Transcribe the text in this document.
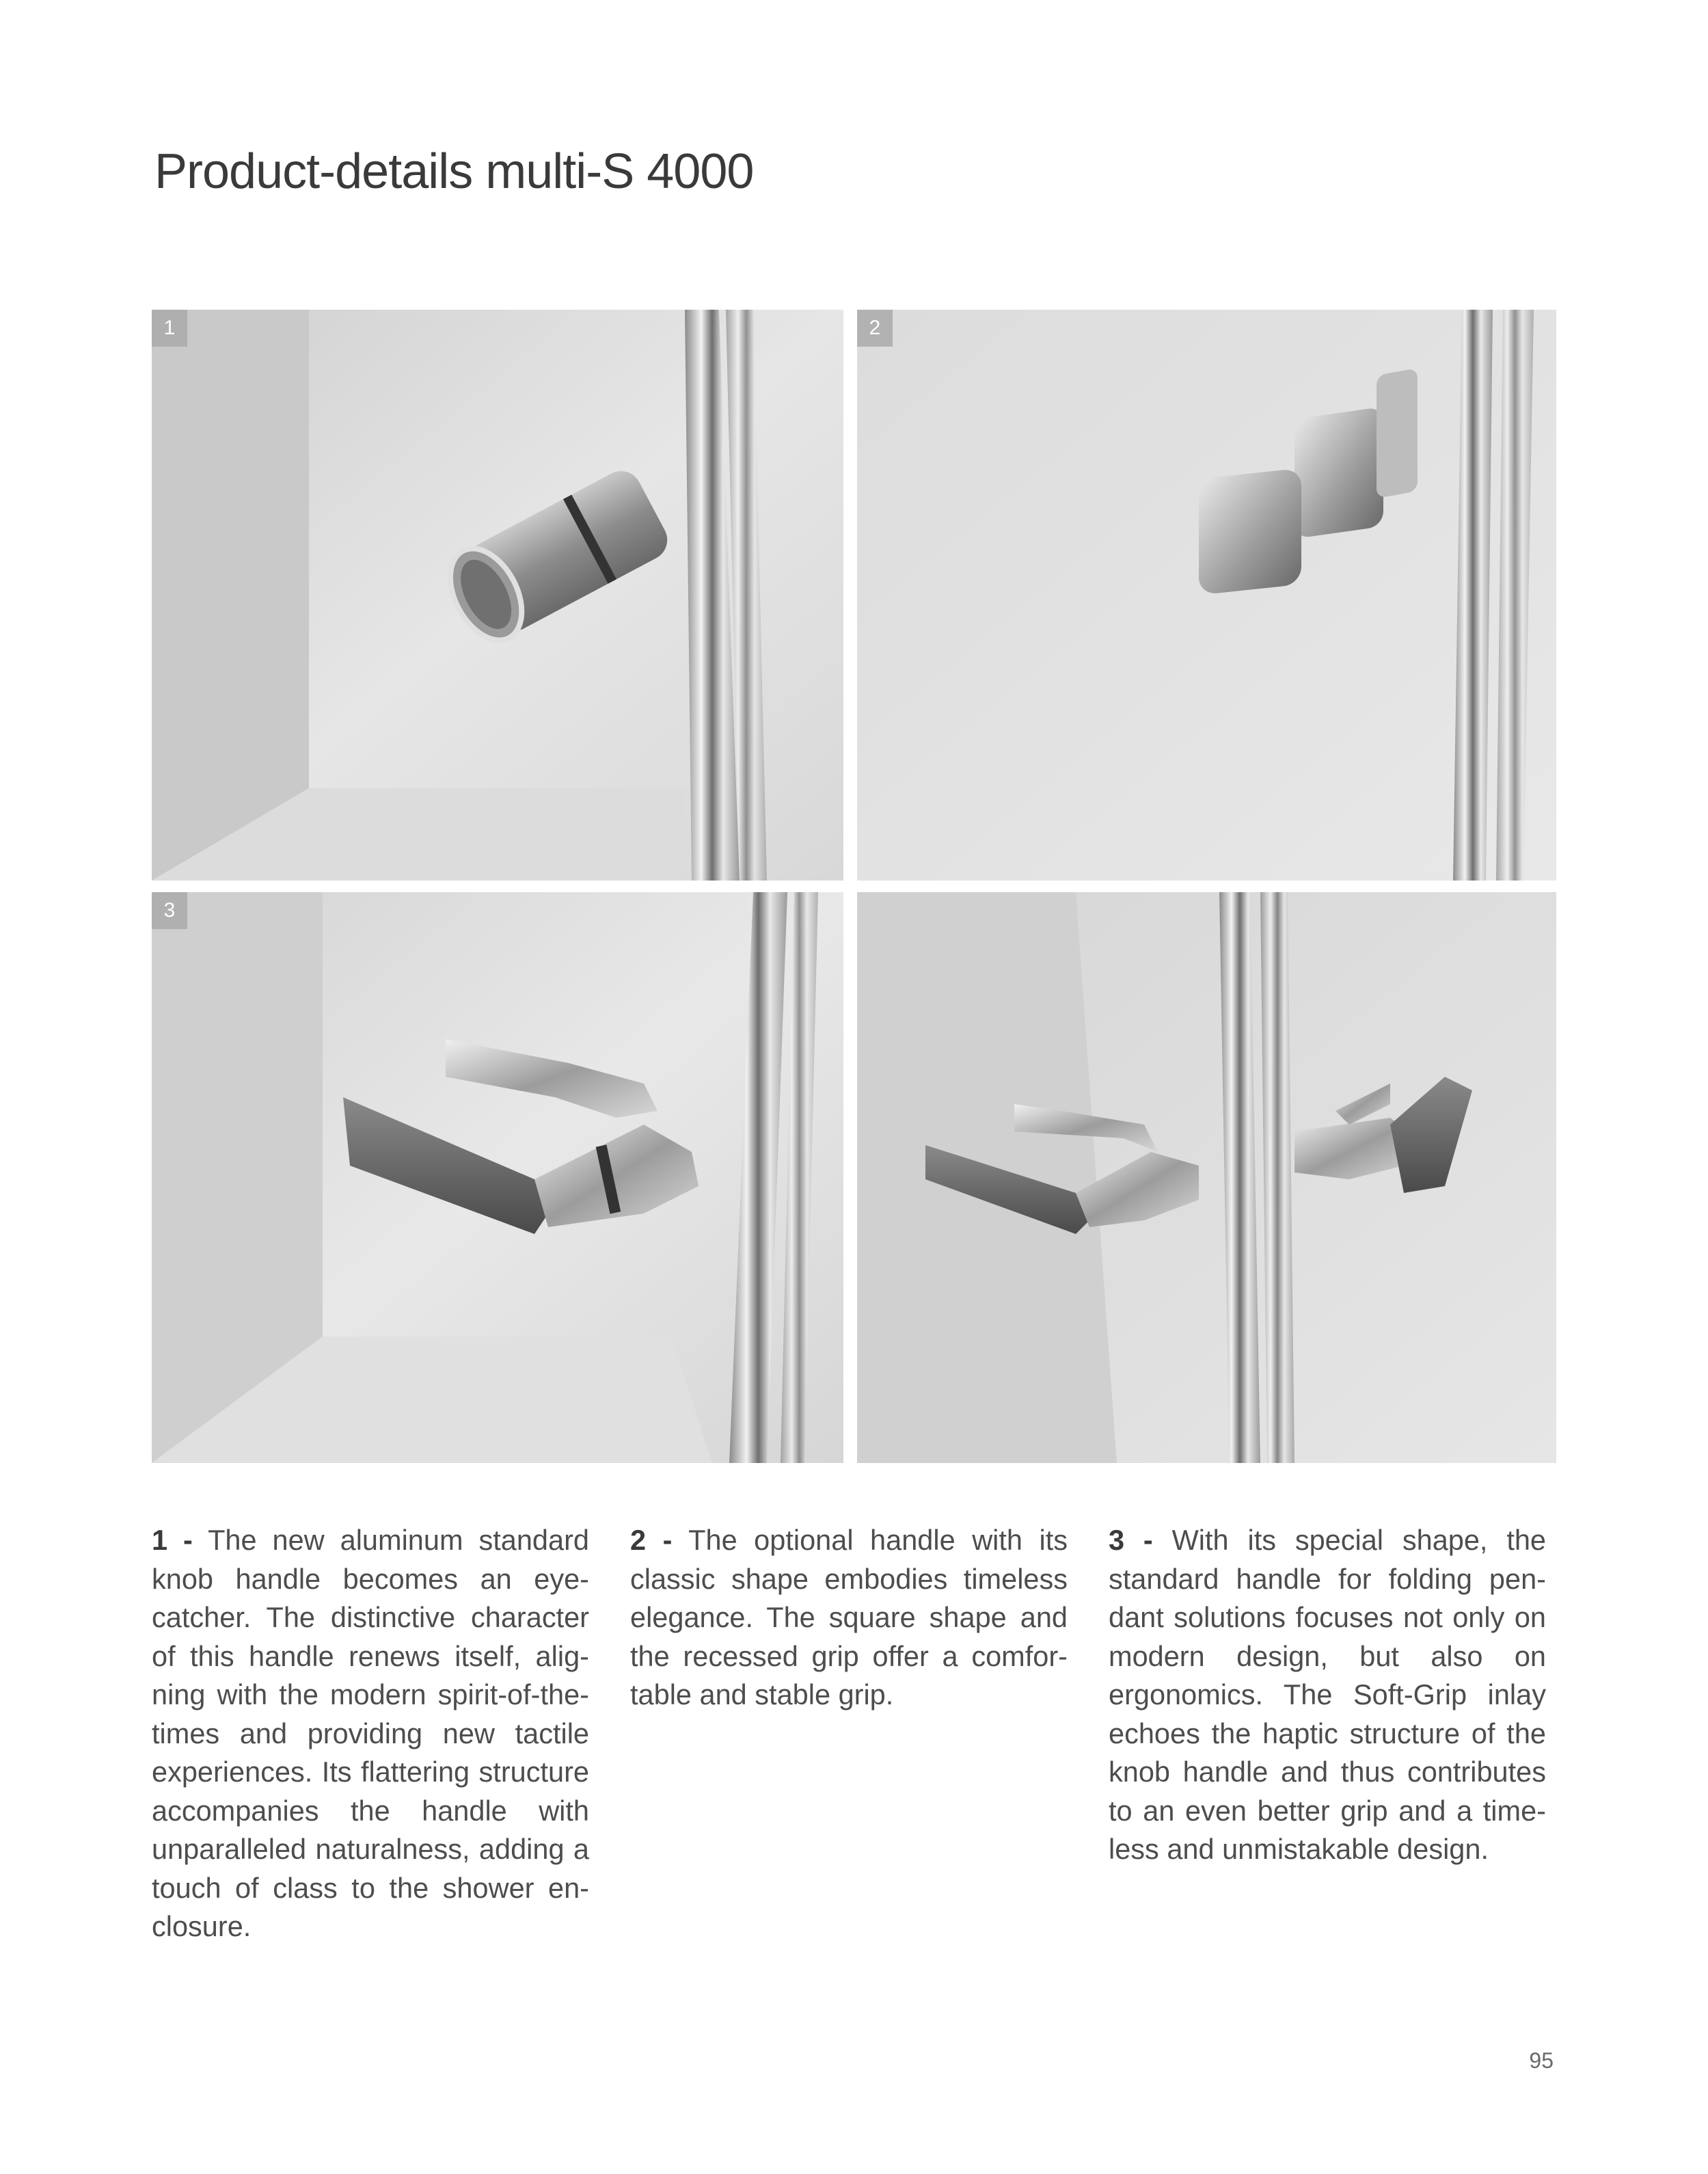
Product-details multi-S 4000
1	2
3

1 - The new aluminum standard knob handle becomes an eyecatcher. The distinctive character of this handle renews itself, aligning with the modern spirit-of-the-times and providing new tactile experiences. Its flattering structure accompanies the handle with unparalleled naturalness, adding a touch of class to the shower enclosure.

2 - The optional handle with its classic shape embodies timeless elegance. The square shape and the recessed grip offer a comfortable and stable grip.

3 - With its special shape, the standard handle for folding pendant solutions focuses not only on modern design, but also on ergonomics. The Soft-Grip inlay echoes the haptic structure of the knob handle and thus contributes to an even better grip and a timeless and unmistakable design.

95
